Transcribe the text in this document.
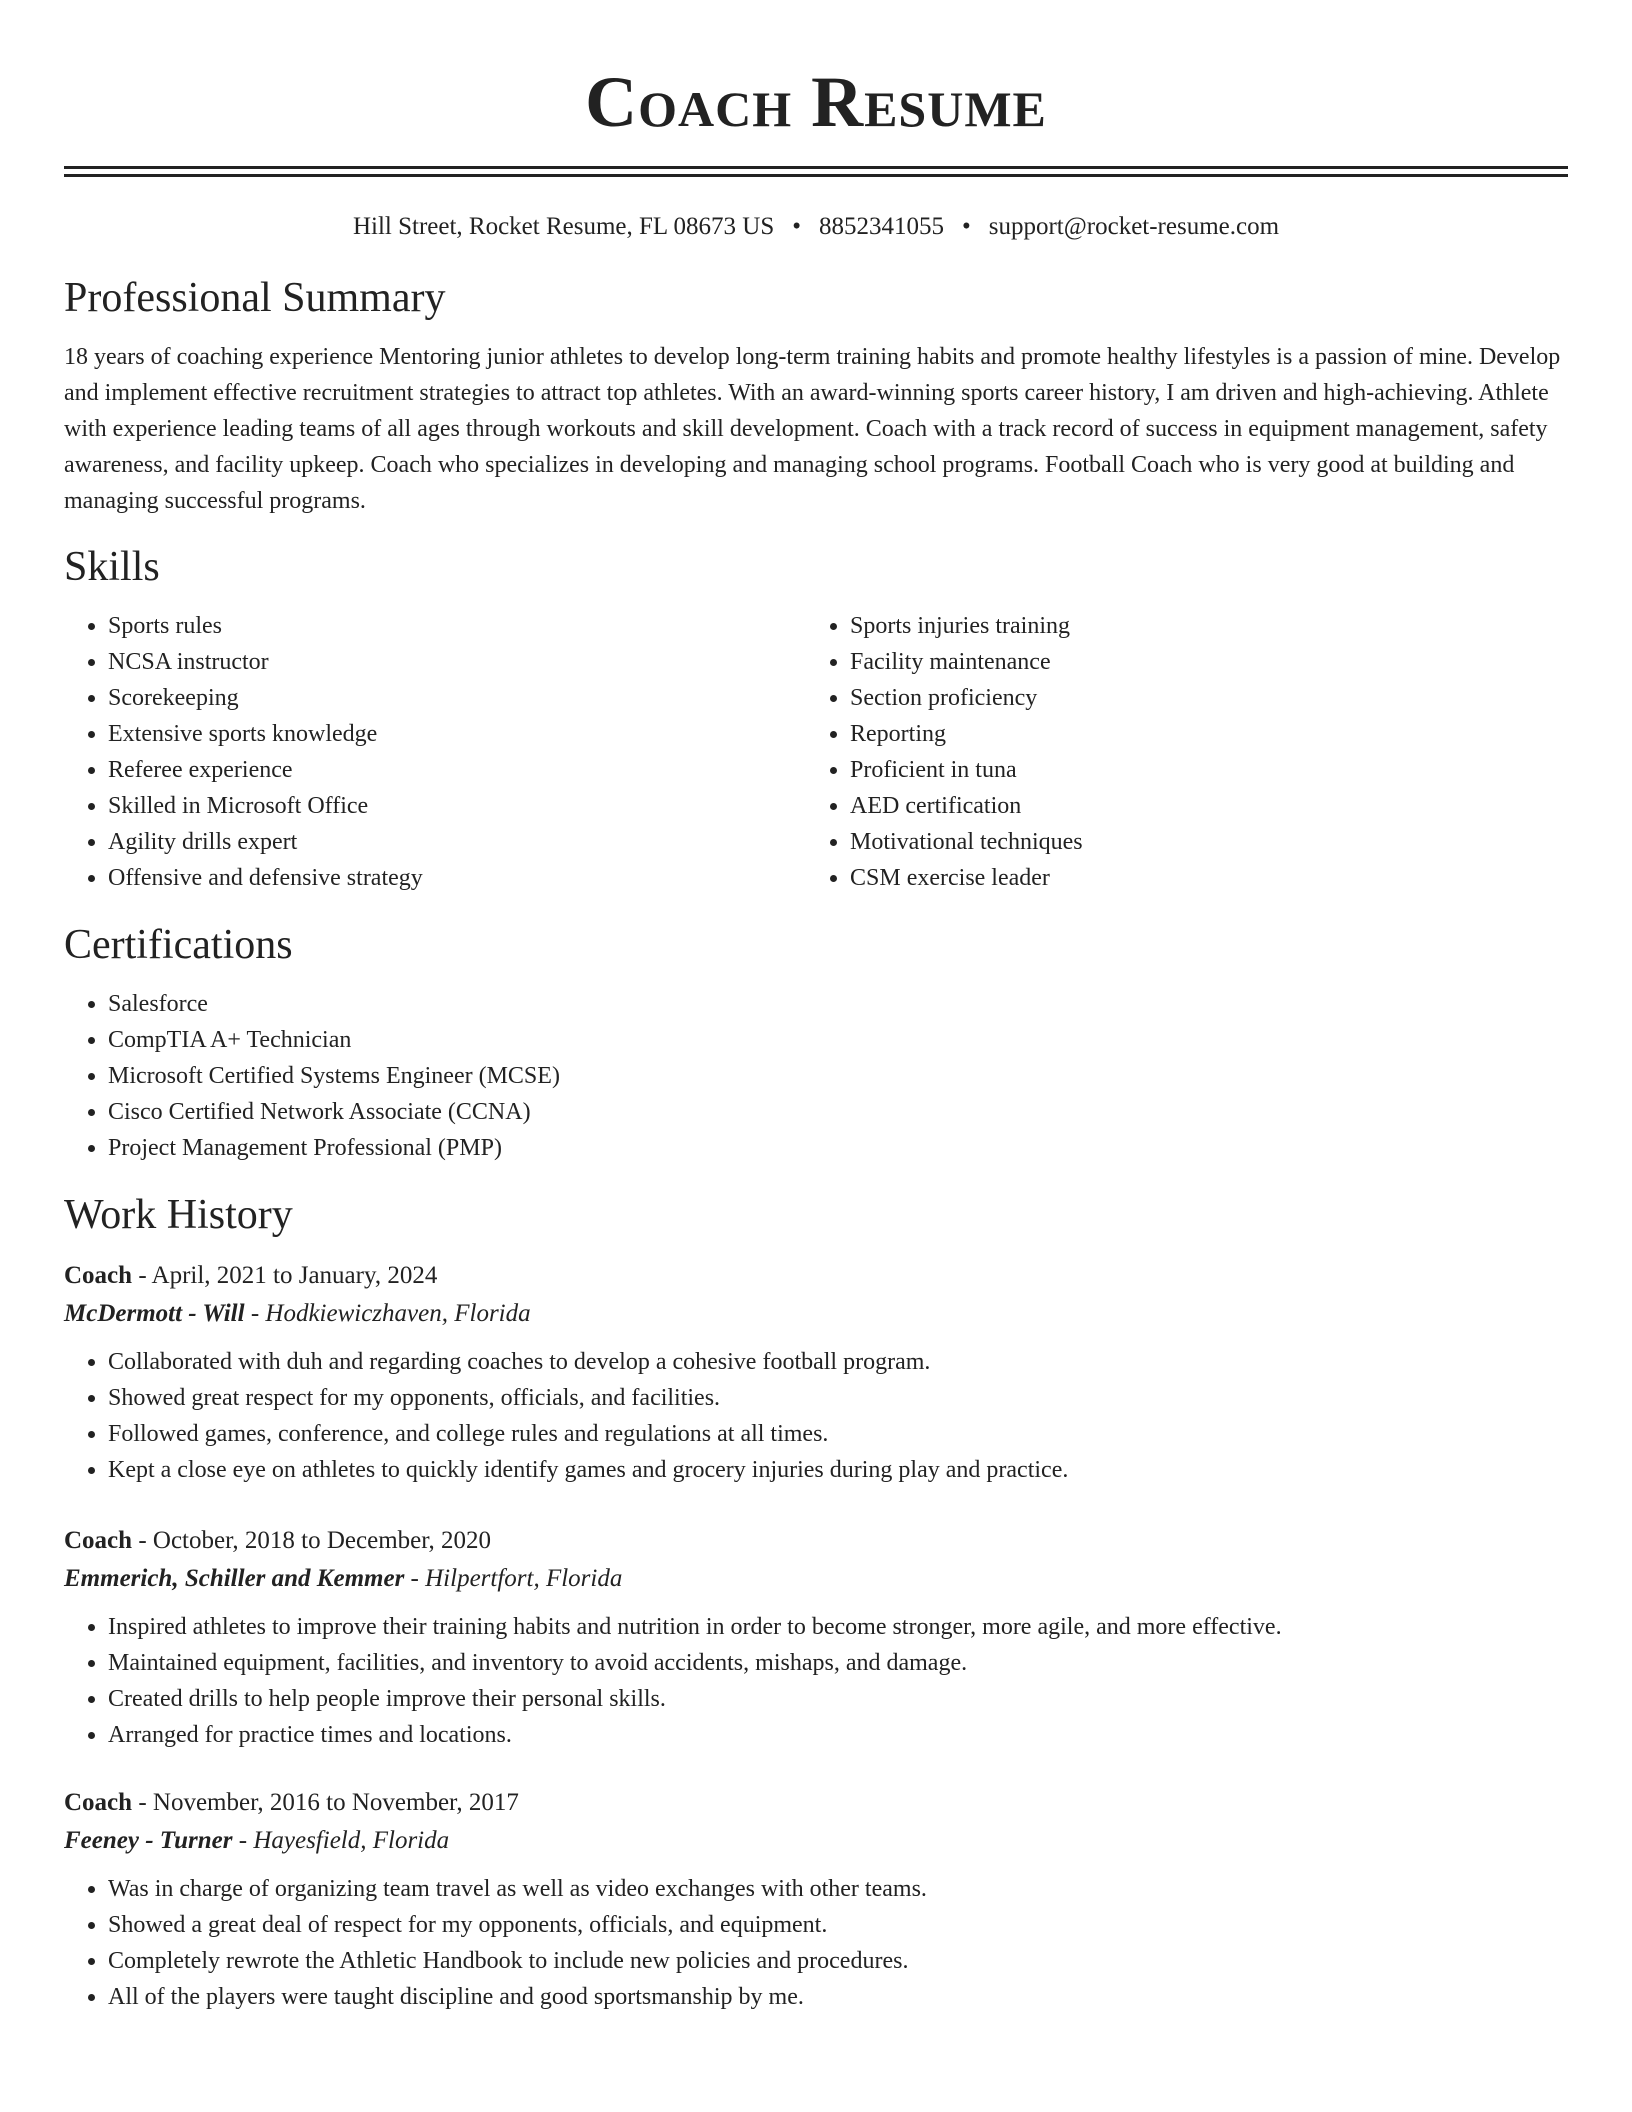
Coach Resume
Hill Street, Rocket Resume, FL 08673 US • 8852341055 • support@rocket-resume.com
Professional Summary
18 years of coaching experience Mentoring junior athletes to develop long-term training habits and promote healthy lifestyles is a passion of mine. Develop and implement effective recruitment strategies to attract top athletes. With an award-winning sports career history, I am driven and high-achieving. Athlete with experience leading teams of all ages through workouts and skill development. Coach with a track record of success in equipment management, safety awareness, and facility upkeep. Coach who specializes in developing and managing school programs. Football Coach who is very good at building and managing successful programs.
Skills
• Sports rules
• NCSA instructor
• Scorekeeping
• Extensive sports knowledge
• Referee experience
• Skilled in Microsoft Office
• Agility drills expert
• Offensive and defensive strategy
• Sports injuries training
• Facility maintenance
• Section proficiency
• Reporting
• Proficient in tuna
• AED certification
• Motivational techniques
• CSM exercise leader
Certifications
• Salesforce
• CompTIA A+ Technician
• Microsoft Certified Systems Engineer (MCSE)
• Cisco Certified Network Associate (CCNA)
• Project Management Professional (PMP)
Work History
Coach - April, 2021 to January, 2024
McDermott - Will - Hodkiewiczhaven, Florida
• Collaborated with duh and regarding coaches to develop a cohesive football program.
• Showed great respect for my opponents, officials, and facilities.
• Followed games, conference, and college rules and regulations at all times.
• Kept a close eye on athletes to quickly identify games and grocery injuries during play and practice.
Coach - October, 2018 to December, 2020
Emmerich, Schiller and Kemmer - Hilpertfort, Florida
• Inspired athletes to improve their training habits and nutrition in order to become stronger, more agile, and more effective.
• Maintained equipment, facilities, and inventory to avoid accidents, mishaps, and damage.
• Created drills to help people improve their personal skills.
• Arranged for practice times and locations.
Coach - November, 2016 to November, 2017
Feeney - Turner - Hayesfield, Florida
• Was in charge of organizing team travel as well as video exchanges with other teams.
• Showed a great deal of respect for my opponents, officials, and equipment.
• Completely rewrote the Athletic Handbook to include new policies and procedures.
• All of the players were taught discipline and good sportsmanship by me.
